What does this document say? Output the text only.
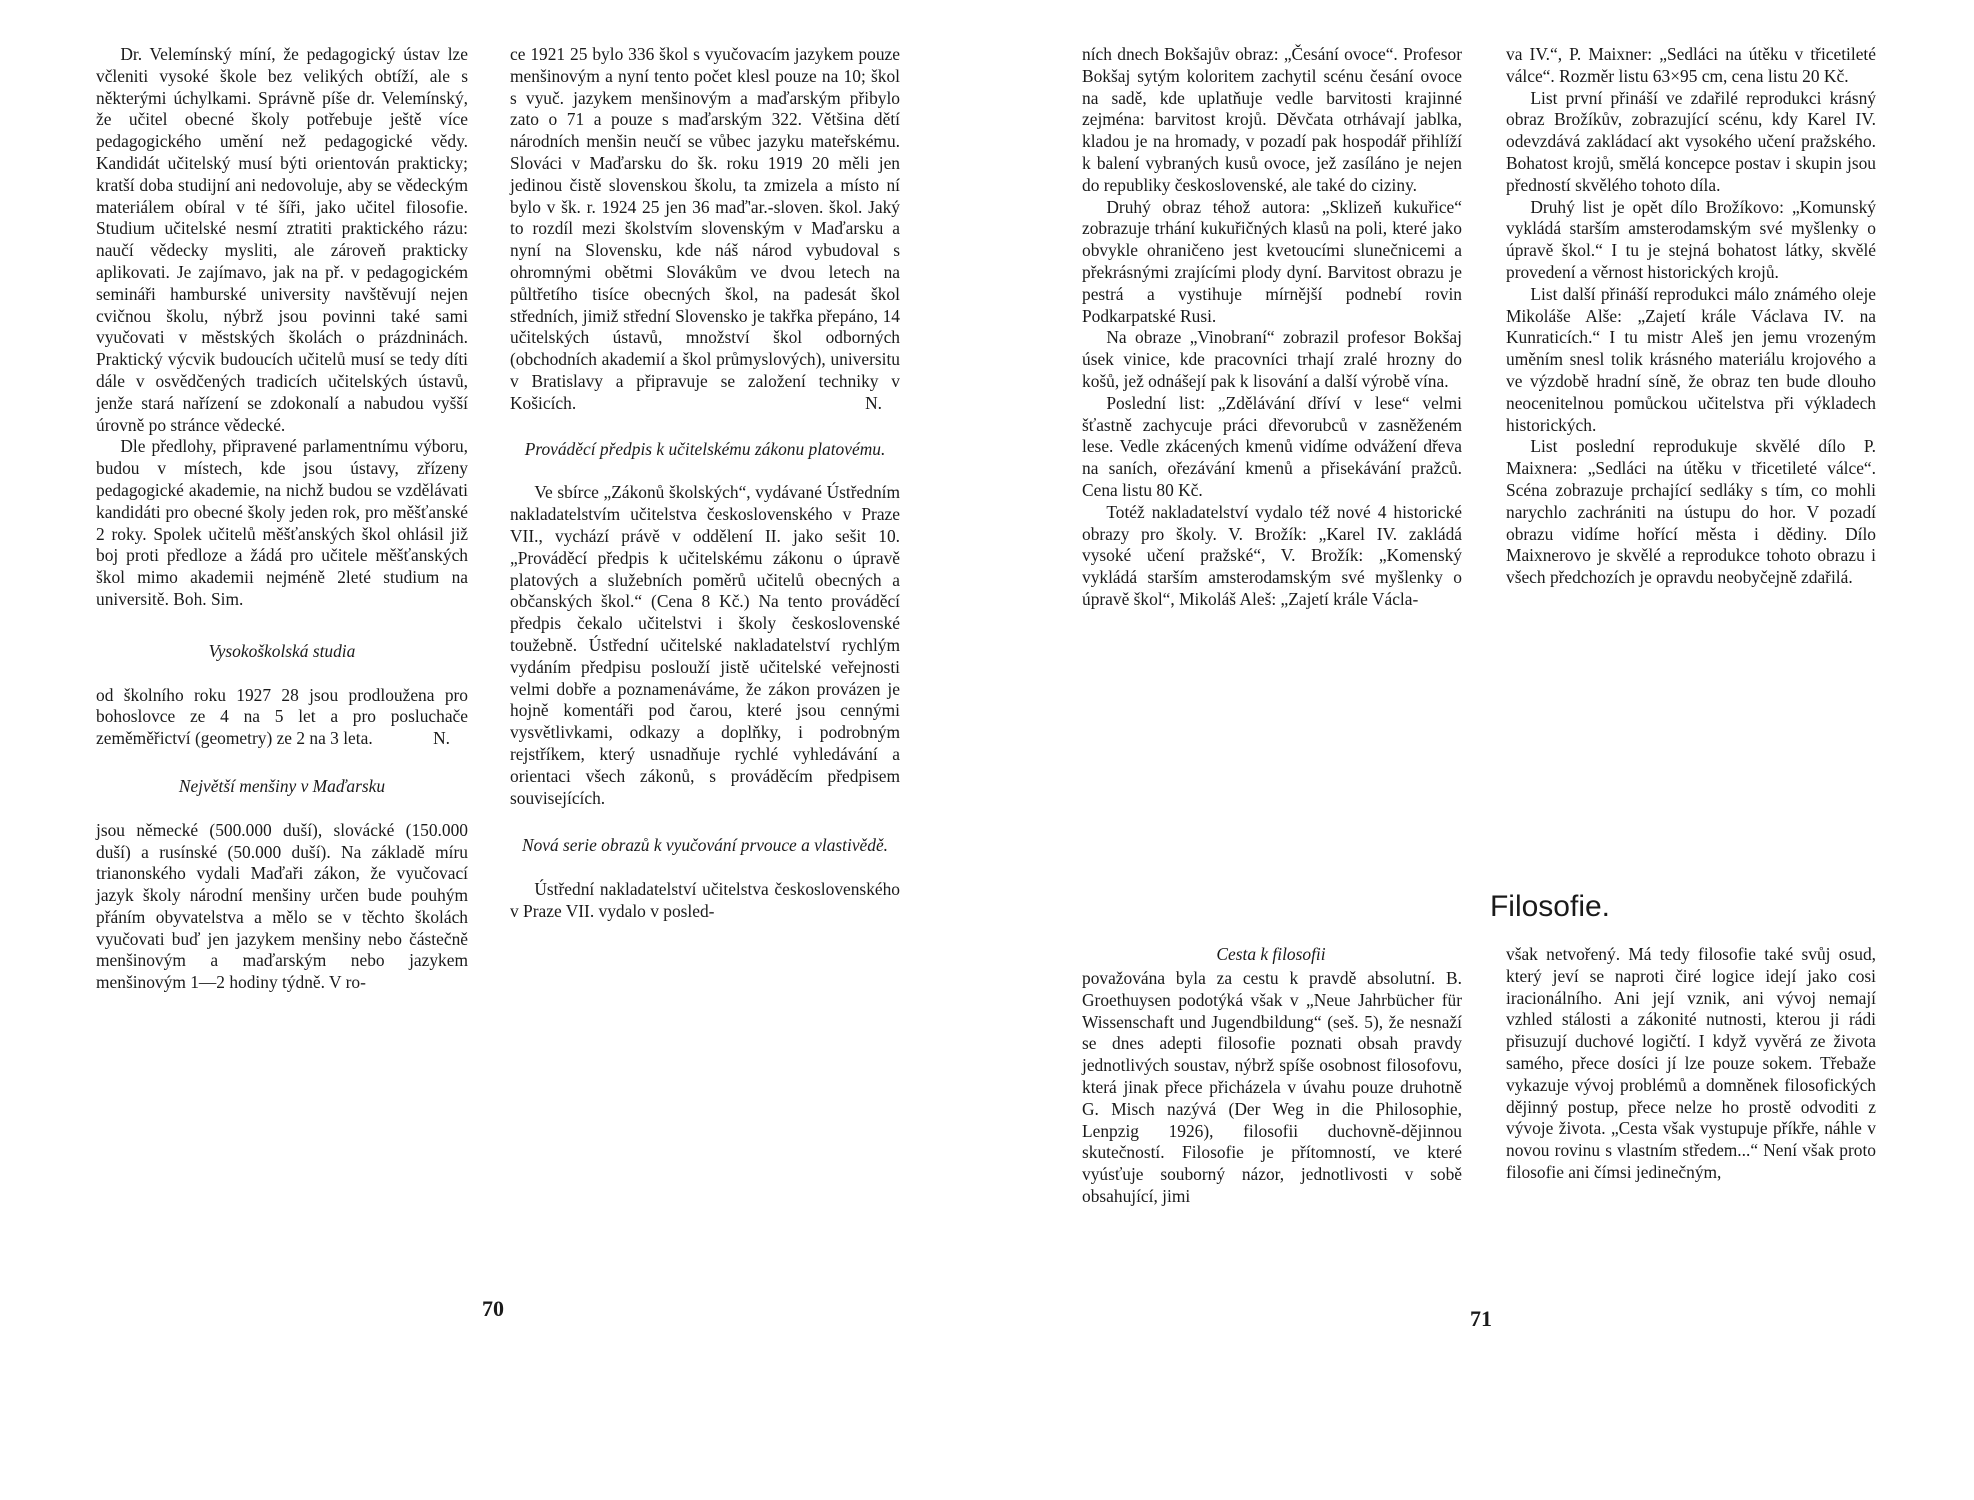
Dr. Velemínský míní, že pedagogický ústav lze včleniti vysoké škole bez velikých obtíží, ale s některými úchylkami. Správně píše dr. Velemínský, že učitel obecné školy potřebuje ještě více pedagogického umění než pedagogické vědy. Kandidát učitelský musí býti orientován prakticky; kratší doba studijní ani nedovoluje, aby se vědeckým materiálem obíral v té šíři, jako učitel filosofie. Studium učitelské nesmí ztratiti praktického rázu: naučí vědecky mysliti, ale zároveň prakticky aplikovati. Je zajímavo, jak na př. v pedagogickém semináři hamburské university navštěvují nejen cvičnou školu, nýbrž jsou povinni také sami vyučovati v městských školách o prázdninách. Praktický výcvik budoucích učitelů musí se tedy díti dále v osvědčených tradicích učitelských ústavů, jenže stará nařízení se zdokonalí a nabudou vyšší úrovně po stránce vědecké.

Dle předlohy, připravené parlamentnímu výboru, budou v místech, kde jsou ústavy, zřízeny pedagogické akademie, na nichž budou se vzdělávati kandidáti pro obecné školy jeden rok, pro měšťanské 2 roky. Spolek učitelů měšťanských škol ohlásil již boj proti předloze a žádá pro učitele měšťanských škol mimo akademii nejméně 2leté studium na universitě. Boh. Sim.

Vysokoškolská studia

od školního roku 1927 28 jsou prodloužena pro bohoslovce ze 4 na 5 let a pro posluchače zeměměřictví (geometry) ze 2 na 3 leta.	N.

Největší menšiny v Maďarsku

jsou německé (500.000 duší), slovácké (150.000 duší) a rusínské (50.000 duší). Na základě míru trianonského vydali Maďaři zákon, že vyučovací jazyk školy národní menšiny určen bude pouhým přáním obyvatelstva a mělo se v těchto školách vyučovati buď jen jazykem menšiny nebo částečně menšinovým a maďarským nebo jazykem menšinovým 1—2 hodiny týdně. V ro-

ce 1921 25 bylo 336 škol s vyučovacím jazykem pouze menšinovým a nyní tento počet klesl pouze na 10; škol s vyuč. jazykem menšinovým a maďarským přibylo zato o 71 a pouze s maďarským 322. Většina dětí národních menšin neučí se vůbec jazyku mateřskému. Slováci v Maďarsku do šk. roku 1919 20 měli jen jedinou čistě slovenskou školu, ta zmizela a místo ní bylo v šk. r. 1924 25 jen 36 maď'ar.-sloven. škol. Jaký to rozdíl mezi školstvím slovenským v Maďarsku a nyní na Slovensku, kde náš národ vybudoval s ohromnými obětmi Slovákům ve dvou letech na půltřetího tisíce obecných škol, na padesát škol středních, jimiž střední Slovensko je takřka přepáno, 14 učitelských ústavů, množství škol odborných (obchodních akademií a škol průmyslových), universitu v Bratislavy a připravuje se založení techniky v Košicích.	N.

Prováděcí předpis k učitelskému zákonu platovému.

Ve sbírce „Zákonů školských“, vydávané Ústředním nakladatelstvím učitelstva československého v Praze VII., vychází právě v oddělení II. jako sešit 10. „Prováděcí předpis k učitelskému zákonu o úpravě platových a služebních poměrů učitelů obecných a občanských škol.“ (Cena 8 Kč.) Na tento prováděcí předpis čekalo učitelstvi i školy československé toužebně. Ústřední učitelské nakladatelství rychlým vydáním předpisu poslouží jistě učitelské veřejnosti velmi dobře a poznamenáváme, že zákon provázen je hojně komentáři pod čarou, které jsou cennými vysvětlivkami, odkazy a doplňky, i podrobným rejstříkem, který usnadňuje rychlé vyhledávání a orientaci všech zákonů, s prováděcím předpisem souvisejících.

Nová serie obrazů k vyučování prvouce a vlastivědě.

Ústřední nakladatelství učitelstva československého v Praze VII. vydalo v posled-

70

ních dnech Bokšajův obraz: „Česání ovoce“. Profesor Bokšaj sytým koloritem zachytil scénu česání ovoce na sadě, kde uplatňuje vedle barvitosti krajinné zejména: barvitost krojů. Děvčata otrhávají jablka, kladou je na hromady, v pozadí pak hospodář přihlíží k balení vybraných kusů ovoce, jež zasíláno je nejen do republiky československé, ale také do ciziny.

Druhý obraz téhož autora: „Sklizeň kukuřice“ zobrazuje trhání kukuřičných klasů na poli, které jako obvykle ohraničeno jest kvetoucími slunečnicemi a překrásnými zrajícími plody dyní. Barvitost obrazu je pestrá a vystihuje mírnější podnebí rovin Podkarpatské Rusi.

Na obraze „Vinobraní“ zobrazil profesor Bokšaj úsek vinice, kde pracovníci trhají zralé hrozny do košů, jež odnášejí pak k lisování a další výrobě vína.

Poslední list: „Zdělávání dříví v lese“ velmi šťastně zachycuje práci dřevorubců v zasněženém lese. Vedle zkácených kmenů vidíme odvážení dřeva na saních, ořezávání kmenů a přisekávání pražců. Cena listu 80 Kč.

Totéž nakladatelství vydalo též nové 4 historické obrazy pro školy. V. Brožík: „Karel IV. zakládá vysoké učení pražské“, V. Brožík: „Komenský vykládá starším amsterodamským své myšlenky o úpravě škol“, Mikoláš Aleš: „Zajetí krále Václa-

va IV.“, P. Maixner: „Sedláci na útěku v třicetileté válce“. Rozměr listu 63×95 cm, cena listu 20 Kč.

List první přináší ve zdařilé reprodukci krásný obraz Brožíkův, zobrazující scénu, kdy Karel IV. odevzdává zakládací akt vysokého učení pražského. Bohatost krojů, smělá koncepce postav i skupin jsou předností skvělého tohoto díla.

Druhý list je opět dílo Brožíkovo: „Komunský vykládá starším amsterodamským své myšlenky o úpravě škol.“ I tu je stejná bohatost látky, skvělé provedení a věrnost historických krojů.

List další přináší reprodukci málo známého oleje Mikoláše Alše: „Zajetí krále Václava IV. na Kunraticích.“ I tu mistr Aleš jen jemu vrozeným uměním snesl tolik krásného materiálu krojového a ve výzdobě hradní síně, že obraz ten bude dlouho neocenitelnou pomůckou učitelstva při výkladech historických.

List poslední reprodukuje skvělé dílo P. Maixnera: „Sedláci na útěku v třicetileté válce“. Scéna zobrazuje prchající sedláky s tím, co mohli narychlo zachrániti na ústupu do hor. V pozadí obrazu vidíme hořící města i dědiny. Dílo Maixnerovo je skvělé a reprodukce tohoto obrazu i všech předchozích je opravdu neobyčejně zdařilá.

Filosofie.
Cesta k filosofii

považována byla za cestu k pravdě absolutní. B. Groethuysen podotýká však v „Neue Jahrbücher für Wissenschaft und Jugendbildung“ (seš. 5), že nesnaží se dnes adepti filosofie poznati obsah pravdy jednotlivých soustav, nýbrž spíše osobnost filosofovu, která jinak přece přicházela v úvahu pouze druhotně G. Misch nazývá (Der Weg in die Philosophie, Lenpzig 1926), filosofii duchovně-dějinnou skutečností. Filosofie je přítomností, ve které vyúsťuje souborný názor, jednotlivosti v sobě obsahující, jimi

však netvořený. Má tedy filosofie také svůj osud, který jeví se naproti čiré logice idejí jako cosi iracionálního. Ani její vznik, ani vývoj nemají vzhled stálosti a zákonité nutnosti, kterou ji rádi přisuzují duchové logičtí. I když vyvěrá ze života samého, přece dosíci jí lze pouze sokem. Třebaže vykazuje vývoj problémů a domněnek filosofických dějinný postup, přece nelze ho prostě odvoditi z vývoje života. „Cesta však vystupuje příkře, náhle v novou rovinu s vlastním středem...“ Není však proto filosofie ani čímsi jedinečným,

71
